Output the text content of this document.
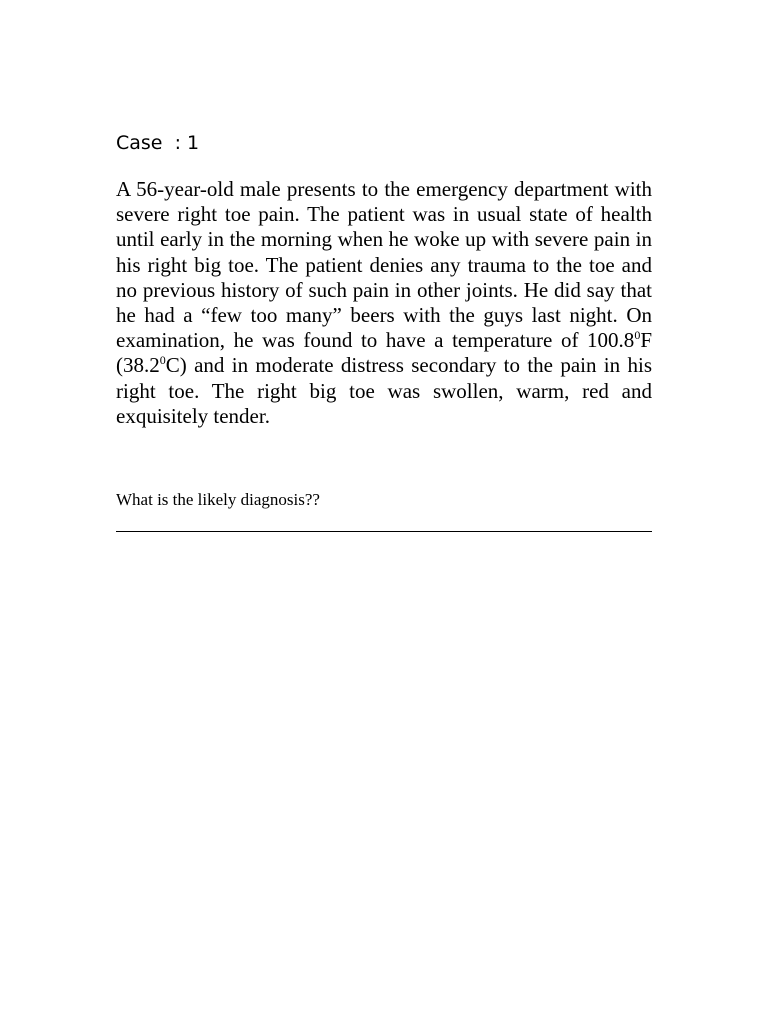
Case  : 1

A 56-year-old male presents to the emergency department with severe right toe pain. The patient was in usual state of health until early in the morning when he woke up with severe pain in his right big toe. The patient denies any trauma to the toe and no previous history of such pain in other joints. He did say that he had a “few too many” beers with the guys last night. On examination, he was found to have a temperature of 100.8$^0$F (38.2$^0$C) and in moderate distress secondary to the pain in his right toe. The right big toe was swollen, warm, red and exquisitely tender.

What is the likely diagnosis??
